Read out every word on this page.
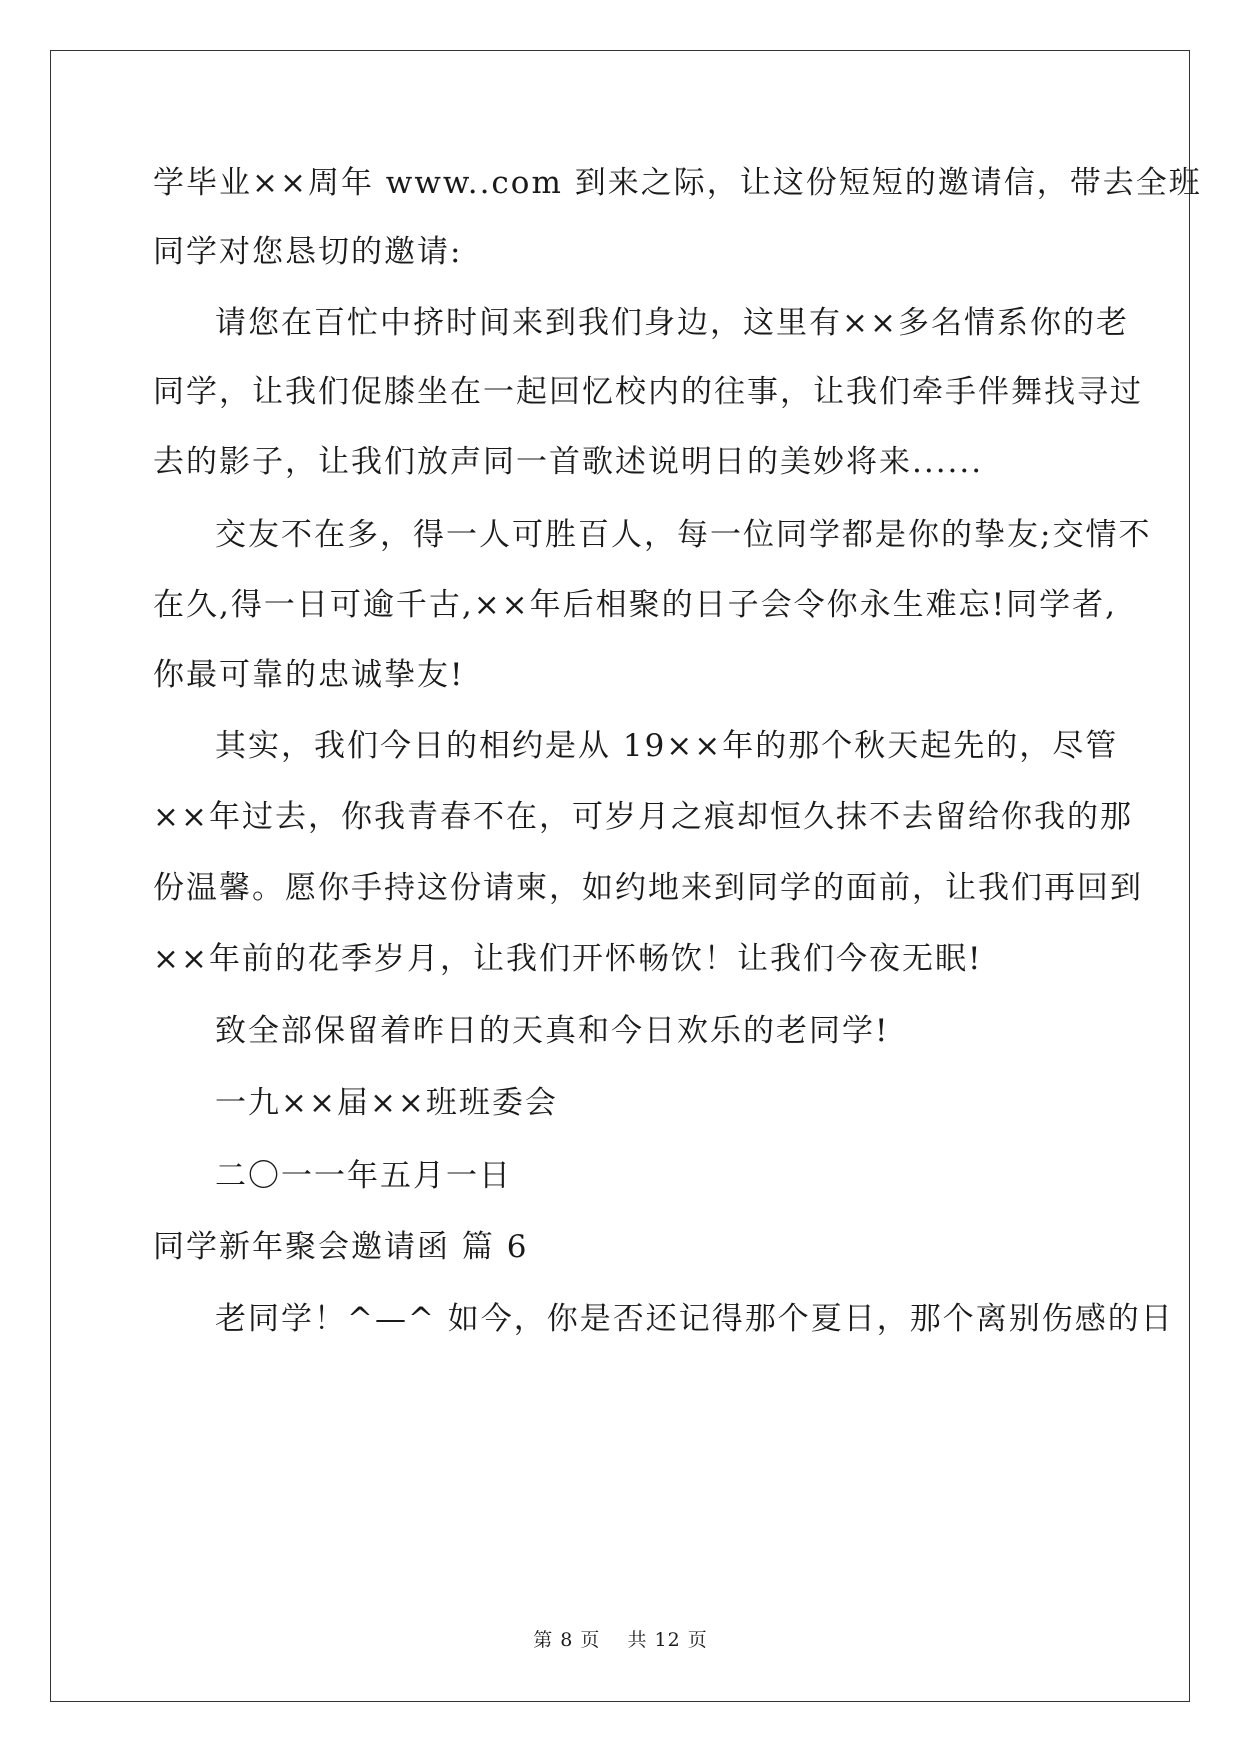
学毕业××周年 www..com 到来之际，让这份短短的邀请信，带去全班
同学对您恳切的邀请:
请您在百忙中挤时间来到我们身边，这里有××多名情系你的老
同学，让我们促膝坐在一起回忆校内的往事，让我们牵手伴舞找寻过
去的影子，让我们放声同一首歌述说明日的美妙将来......
交友不在多，得一人可胜百人，每一位同学都是你的挚友;交情不
在久,得一日可逾千古,××年后相聚的日子会令你永生难忘!同学者,
你最可靠的忠诚挚友!
其实，我们今日的相约是从 19××年的那个秋天起先的，尽管
××年过去，你我青春不在，可岁月之痕却恒久抹不去留给你我的那
份温馨。愿你手持这份请柬，如约地来到同学的面前，让我们再回到
××年前的花季岁月，让我们开怀畅饮！让我们今夜无眠!
致全部保留着昨日的天真和今日欢乐的老同学!
一九××届××班班委会
二〇一一年五月一日
同学新年聚会邀请函 篇 6
老同学！^—^ 如今，你是否还记得那个夏日，那个离别伤感的日
第 8 页　 共 12 页
